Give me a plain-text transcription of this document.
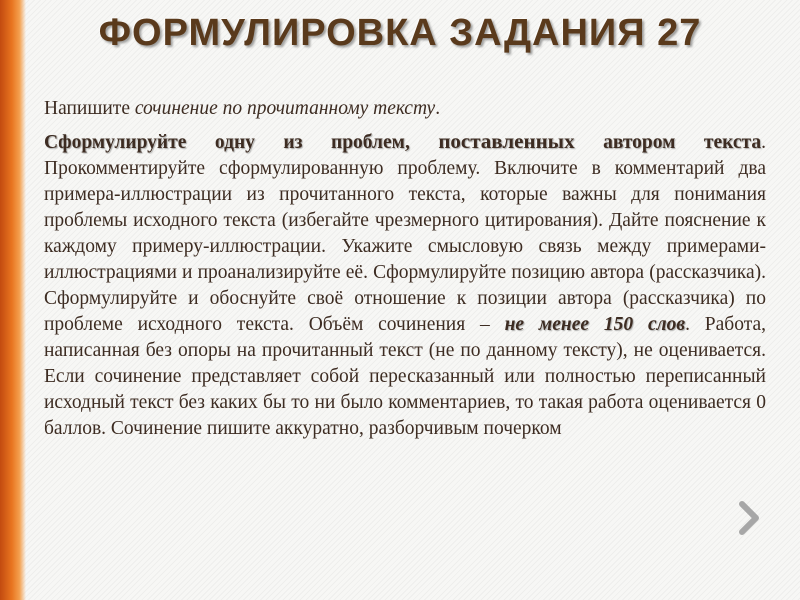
ФОРМУЛИРОВКА ЗАДАНИЯ 27

Напишите сочинение по прочитанному тексту.

Сформулируйте одну из проблем, поставленных автором текста. Прокомментируйте сформулированную проблему. Включите в комментарий два примера-иллюстрации из прочитанного текста, которые важны для понимания проблемы исходного текста (избегайте чрезмерного цитирования). Дайте пояснение к каждому примеру-иллюстрации. Укажите смысловую связь между примерами-иллюстрациями и проанализируйте её. Сформулируйте позицию автора (рассказчика). Сформулируйте и обоснуйте своё отношение к позиции автора (рассказчика) по проблеме исходного текста. Объём сочинения – не менее 150 слов. Работа, написанная без опоры на прочитанный текст (не по данному тексту), не оценивается. Если сочинение представляет собой пересказанный или полностью переписанный исходный текст без каких бы то ни было комментариев, то такая работа оценивается 0 баллов. Сочинение пишите аккуратно, разборчивым почерком
